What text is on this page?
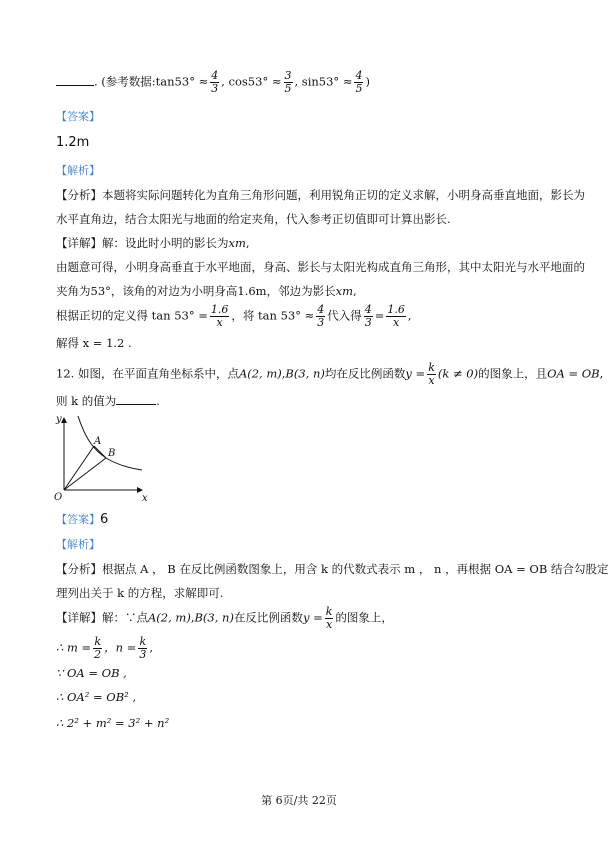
. (参考数据:tan53° ≈ $\frac{4}{3}$ , $\cos 53^\circ \approx \frac{3}{5}$ , $\sin 53^\circ \approx \frac{4}{5}$ )
【答案】
1.2m
【解析】
【分析】本题将实际问题转化为直角三角形问题，利用锐角正切的定义求解，小明身高垂直地面，影长为
水平直角边，结合太阳光与地面的给定夹角，代入参考正切值即可计算出影长.
【详解】解：设此时小明的影长为xm,
由题意可得，小明身高垂直于水平地面，身高、影长与太阳光构成直角三角形，其中太阳光与水平地面的
夹角为53°，该角的对边为小明身高1.6m，邻边为影长xm,
根据正切的定义得 $\tan 53^\circ = \frac{1.6}{x}$ ，将 $\tan 53^\circ \approx \frac{4}{3}$ 代入得 $\frac{4}{3} = \frac{1.6}{x}$ ,
解得 x = 1.2 .
12. 如图，在平面直角坐标系中，点A(2, m),B(3, n)均在反比例函数$y = \frac{k}{x} (k \ne 0)$的图象上，且OA = OB,
则 k 的值为	.
y
x
O
A
B
【答案】6
【解析】
【分析】根据点 A ， B 在反比例函数图象上，用含 k 的代数式表示 m ， n ，再根据 OA = OB 结合勾股定
理列出关于 k 的方程，求解即可.
【详解】解：∵点A(2, m),B(3, n)在反比例函数$y = \frac{k}{x}$ 的图象上，
∴ $m = \frac{k}{2}$ ，$n = \frac{k}{3}$ ,
∵ OA = OB ,
∴ OA² = OB² ,
∴ 2² + m² = 3² + n²
第 6页/共 22页
